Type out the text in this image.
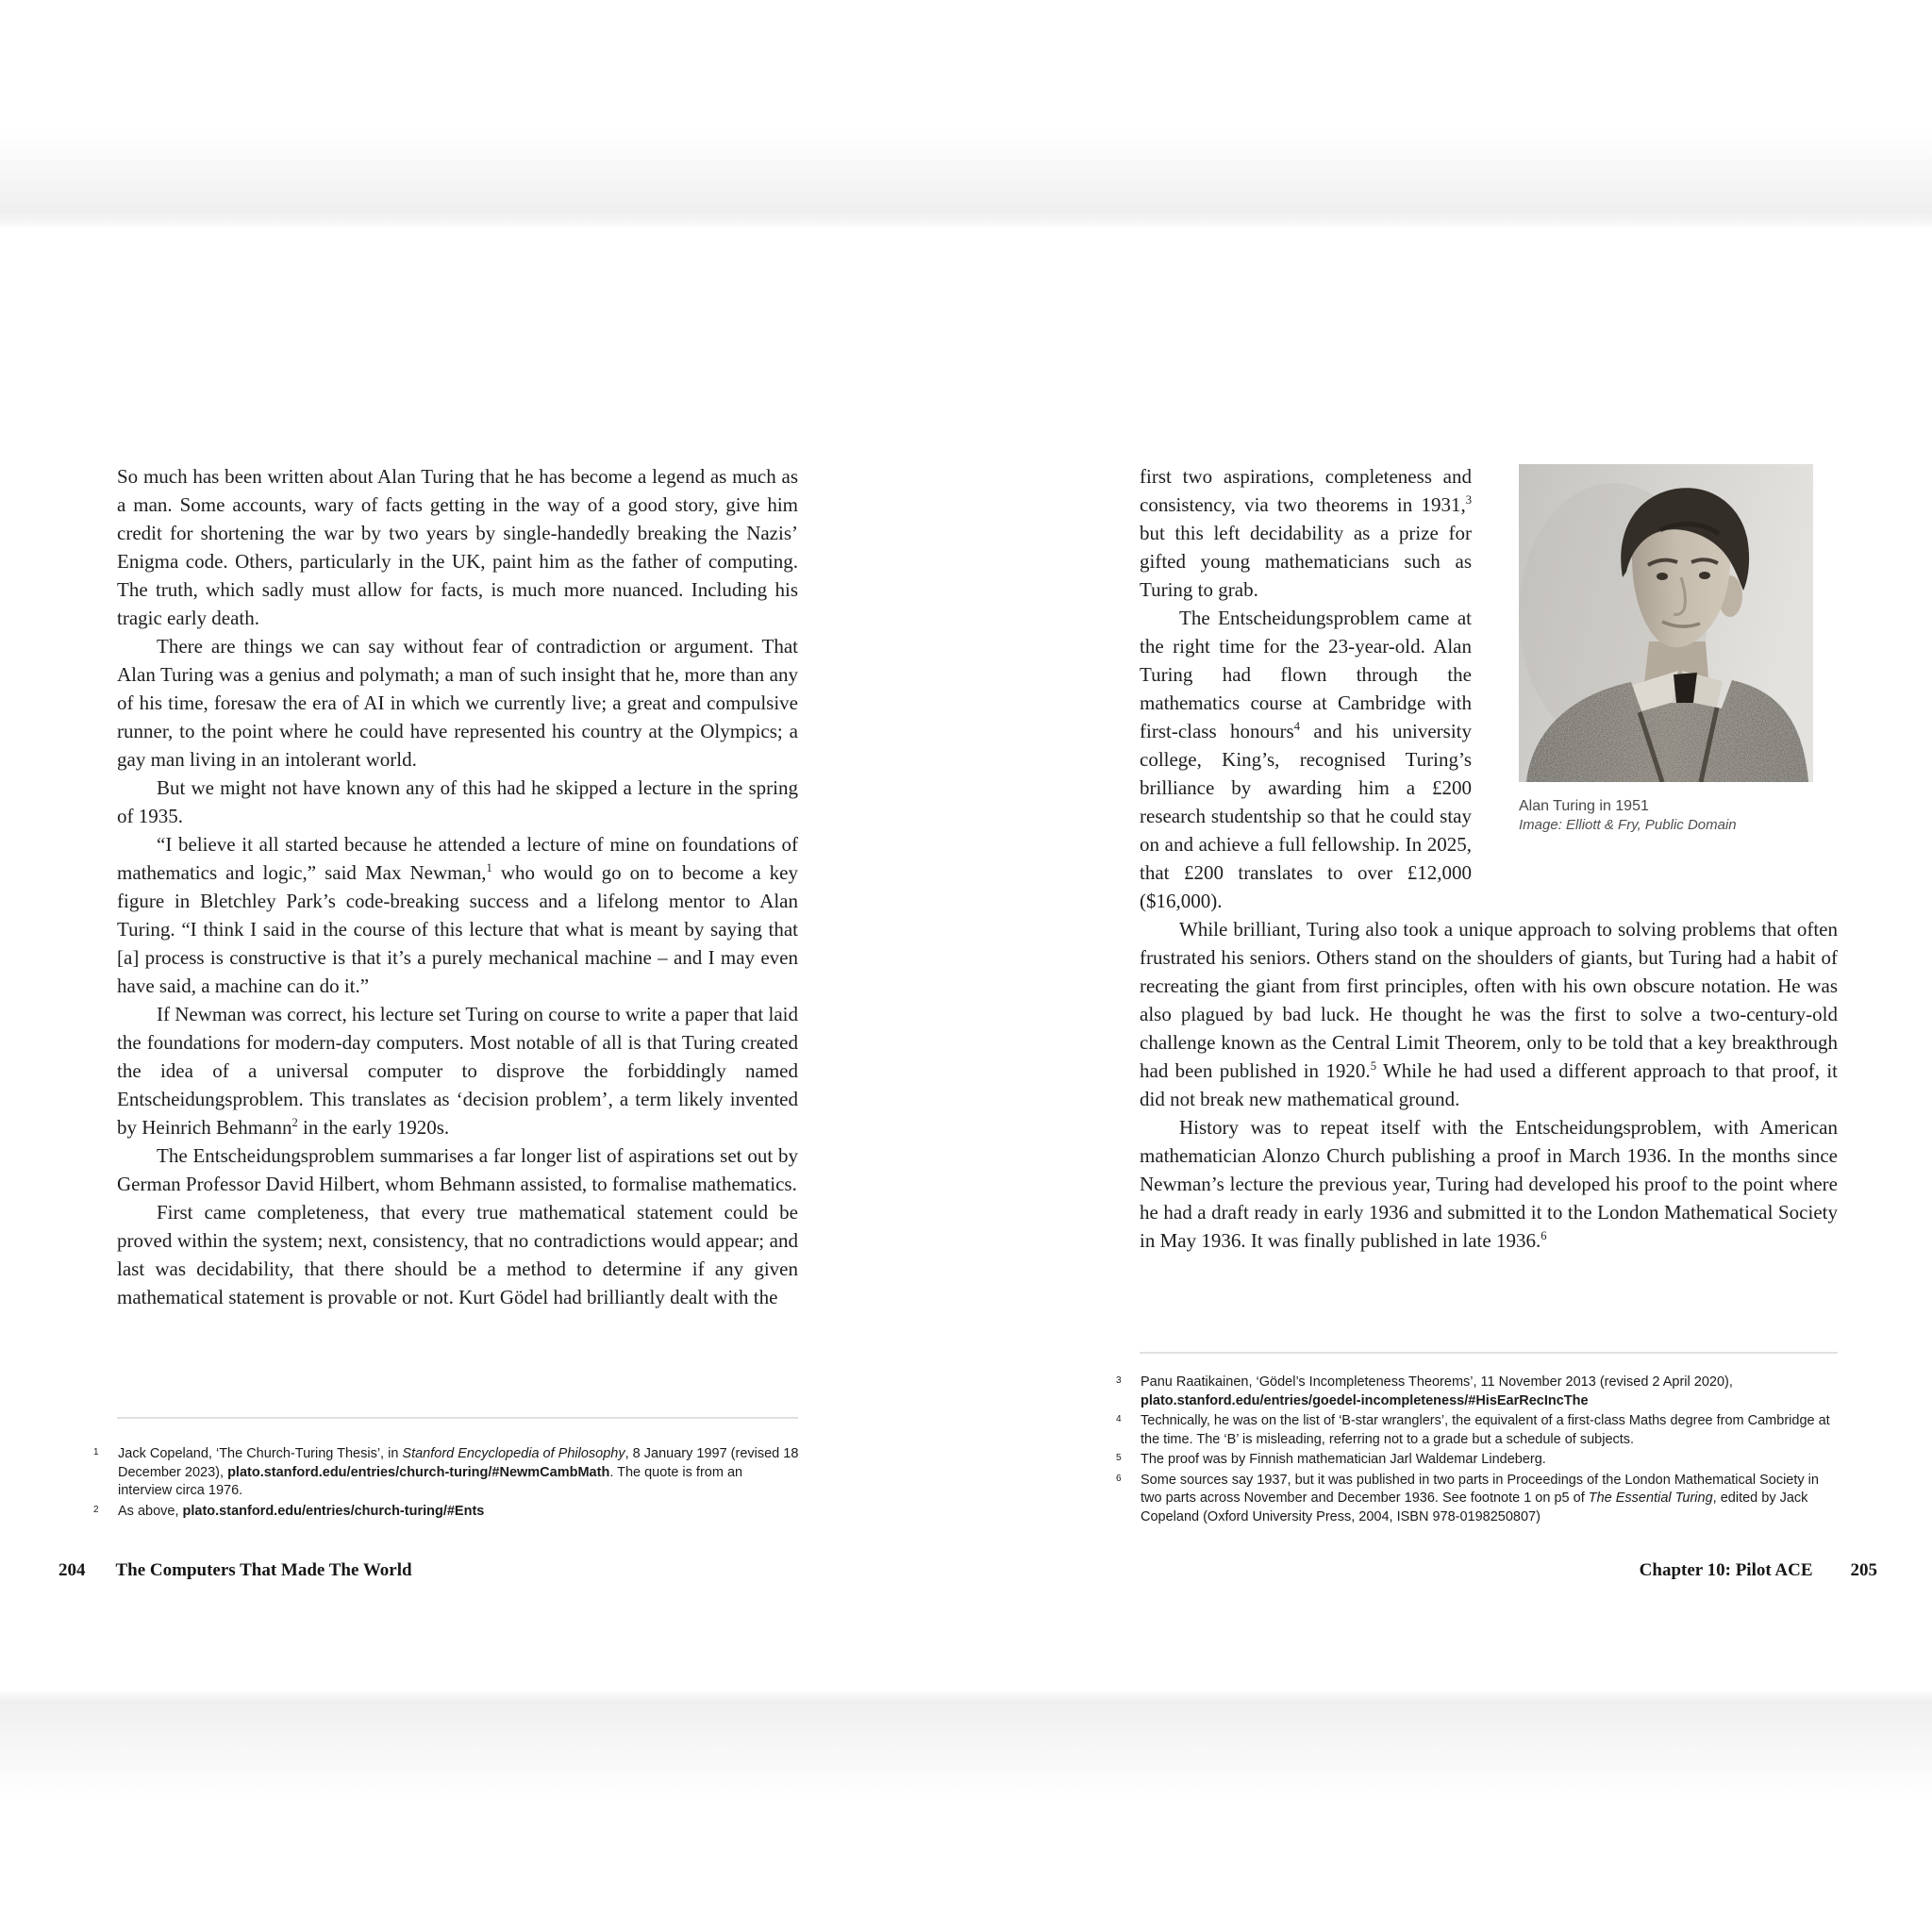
So much has been written about Alan Turing that he has become a legend as much as a man. Some accounts, wary of facts getting in the way of a good story, give him credit for shortening the war by two years by single-handedly breaking the Nazis’ Enigma code. Others, particularly in the UK, paint him as the father of computing. The truth, which sadly must allow for facts, is much more nuanced. Including his tragic early death.

There are things we can say without fear of contradiction or argument. That Alan Turing was a genius and polymath; a man of such insight that he, more than any of his time, foresaw the era of AI in which we currently live; a great and compulsive runner, to the point where he could have represented his country at the Olympics; a gay man living in an intolerant world.

But we might not have known any of this had he skipped a lecture in the spring of 1935.

“I believe it all started because he attended a lecture of mine on foundations of mathematics and logic,” said Max Newman,$^1$ who would go on to become a key figure in Bletchley Park’s code-breaking success and a lifelong mentor to Alan Turing. “I think I said in the course of this lecture that what is meant by saying that [a] process is constructive is that it’s a purely mechanical machine – and I may even have said, a machine can do it.”

If Newman was correct, his lecture set Turing on course to write a paper that laid the foundations for modern-day computers. Most notable of all is that Turing created the idea of a universal computer to disprove the forbiddingly named Entscheidungsproblem. This translates as ‘decision problem’, a term likely invented by Heinrich Behmann$^2$ in the early 1920s.

The Entscheidungsproblem summarises a far longer list of aspirations set out by German Professor David Hilbert, whom Behmann assisted, to formalise mathematics.

First came completeness, that every true mathematical statement could be proved within the system; next, consistency, that no contradictions would appear; and last was decidability, that there should be a method to determine if any given mathematical statement is provable or not. Kurt Gödel had brilliantly dealt with the

1 Jack Copeland, ‘The Church-Turing Thesis’, in Stanford Encyclopedia of Philosophy, 8 January 1997 (revised 18 December 2023), plato.stanford.edu/entries/church-turing/#NewmCambMath. The quote is from an interview circa 1976.
2 As above, plato.stanford.edu/entries/church-turing/#Ents
204 The Computers That Made The World
Alan Turing in 1951
Image: Elliott & Fry, Public Domain

first two aspirations, completeness and consistency, via two theorems in 1931,$^3$ but this left decidability as a prize for gifted young mathematicians such as Turing to grab.

The Entscheidungsproblem came at the right time for the 23-year-old. Alan Turing had flown through the mathematics course at Cambridge with first-class honours$^4$ and his university college, King’s, recognised Turing’s brilliance by awarding him a £200 research studentship so that he could stay on and achieve a full fellowship. In 2025, that £200 translates to over £12,000 ($16,000).

While brilliant, Turing also took a unique approach to solving problems that often frustrated his seniors. Others stand on the shoulders of giants, but Turing had a habit of recreating the giant from first principles, often with his own obscure notation. He was also plagued by bad luck. He thought he was the first to solve a two-century-old challenge known as the Central Limit Theorem, only to be told that a key breakthrough had been published in 1920.$^5$ While he had used a different approach to that proof, it did not break new mathematical ground.

History was to repeat itself with the Entscheidungsproblem, with American mathematician Alonzo Church publishing a proof in March 1936. In the months since Newman’s lecture the previous year, Turing had developed his proof to the point where he had a draft ready in early 1936 and submitted it to the London Mathematical Society in May 1936. It was finally published in late 1936.$^6$

3 Panu Raatikainen, ‘Gödel’s Incompleteness Theorems’, 11 November 2013 (revised 2 April 2020), plato.stanford.edu/entries/goedel-incompleteness/#HisEarRecIncThe
4 Technically, he was on the list of ‘B-star wranglers’, the equivalent of a first-class Maths degree from Cambridge at the time. The ‘B’ is misleading, referring not to a grade but a schedule of subjects.
5 The proof was by Finnish mathematician Jarl Waldemar Lindeberg.
6 Some sources say 1937, but it was published in two parts in Proceedings of the London Mathematical Society in two parts across November and December 1936. See footnote 1 on p5 of The Essential Turing, edited by Jack Copeland (Oxford University Press, 2004, ISBN 978-0198250807)
Chapter 10: Pilot ACE 205
